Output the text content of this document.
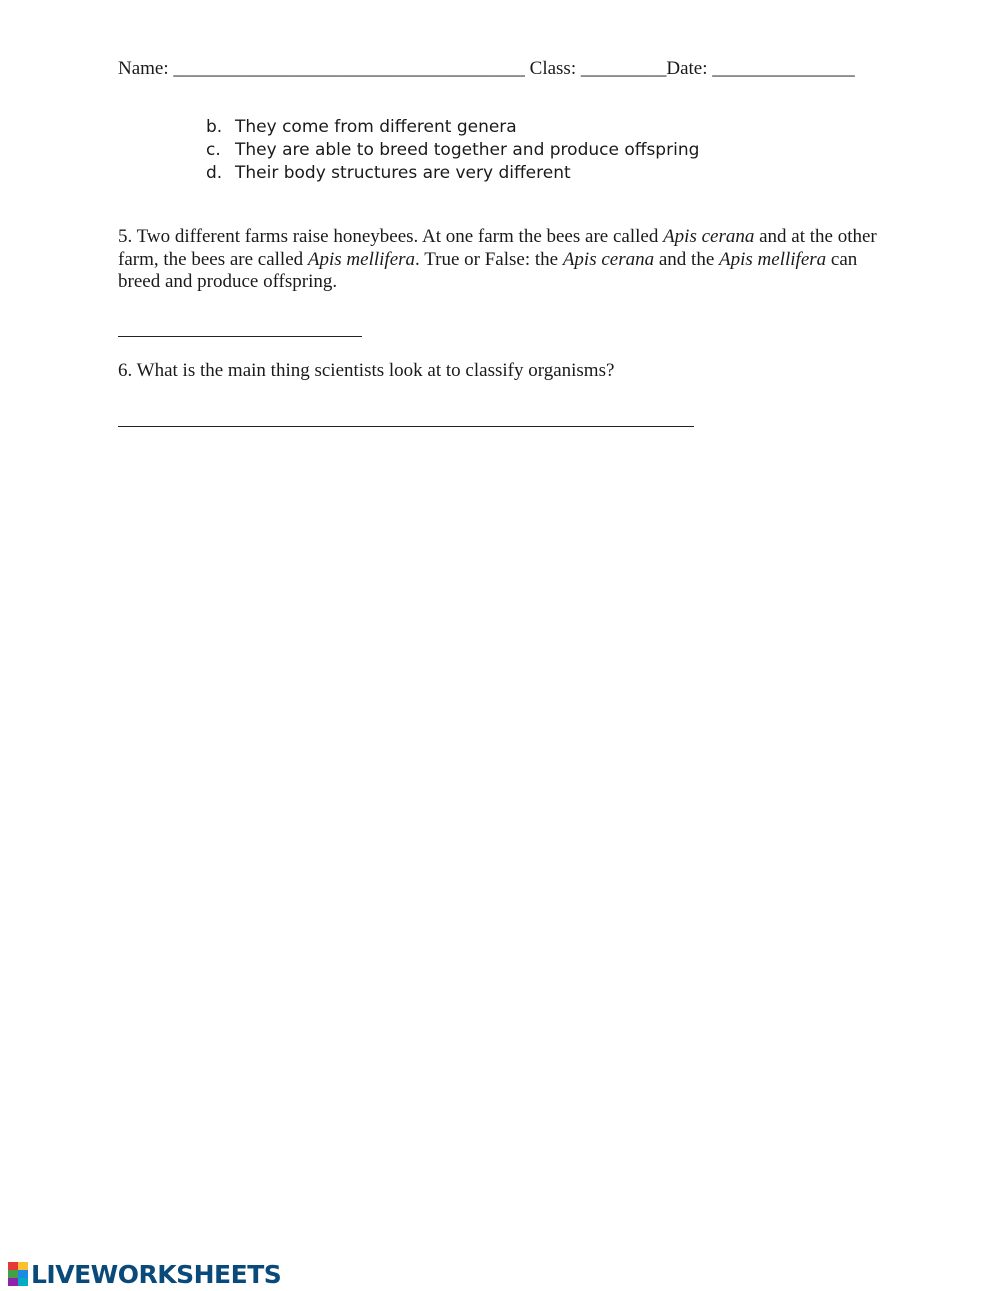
Name: _____________________________________ Class: _________Date: _______________
b. They come from different genera
c. They are able to breed together and produce offspring
d. Their body structures are very different
5. Two different farms raise honeybees. At one farm the bees are called Apis cerana and at the other farm, the bees are called Apis mellifera. True or False: the Apis cerana and the Apis mellifera can breed and produce offspring.
6. What is the main thing scientists look at to classify organisms?
LIVEWORKSHEETS
